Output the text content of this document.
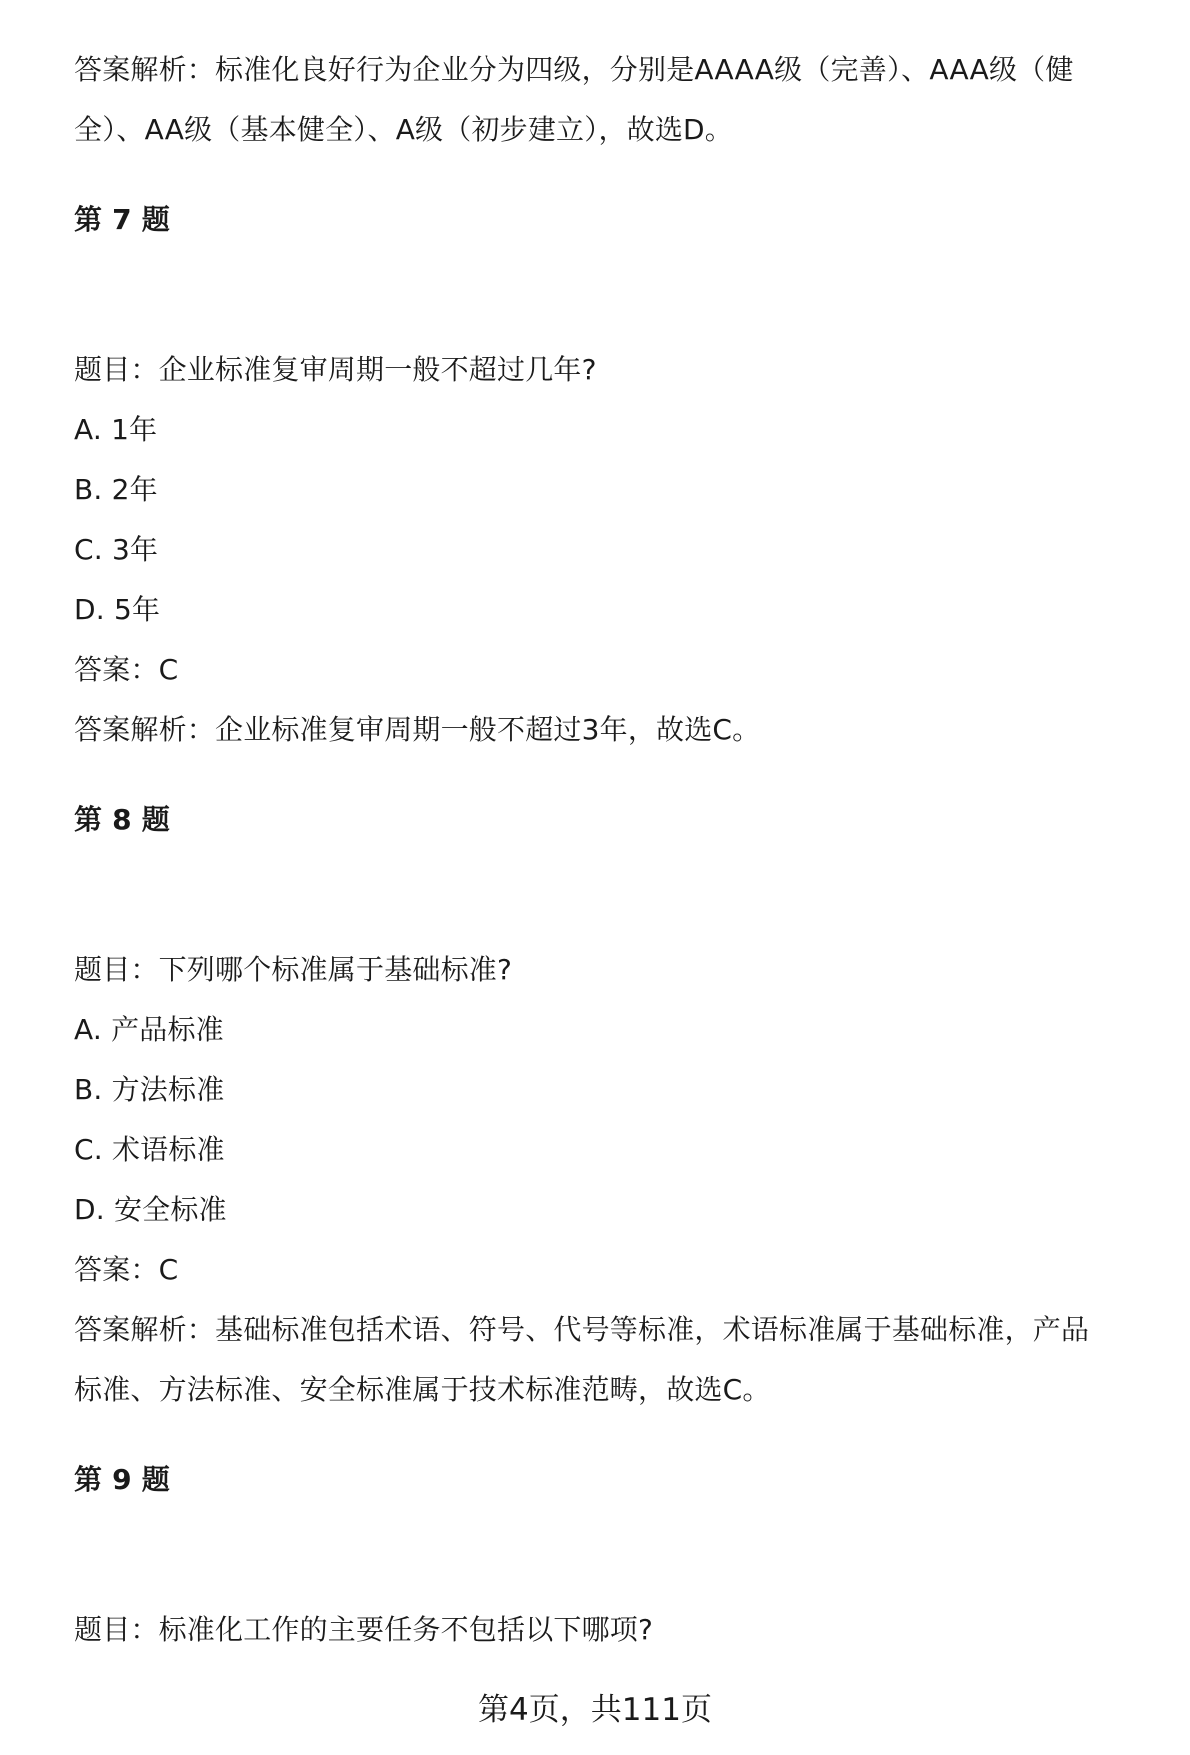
答案解析：标准化良好行为企业分为四级，分别是AAAA级（完善）、AAA级（健
全）、AA级（基本健全）、A级（初步建立），故选D。
第 7 题
题目：企业标准复审周期一般不超过几年?
A. 1年
B. 2年
C. 3年
D. 5年
答案：C
答案解析：企业标准复审周期一般不超过3年，故选C。
第 8 题
题目：下列哪个标准属于基础标准?
A. 产品标准
B. 方法标准
C. 术语标准
D. 安全标准
答案：C
答案解析：基础标准包括术语、符号、代号等标准，术语标准属于基础标准，产品
标准、方法标准、安全标准属于技术标准范畴，故选C。
第 9 题
题目：标准化工作的主要任务不包括以下哪项?
第4页，共111页
